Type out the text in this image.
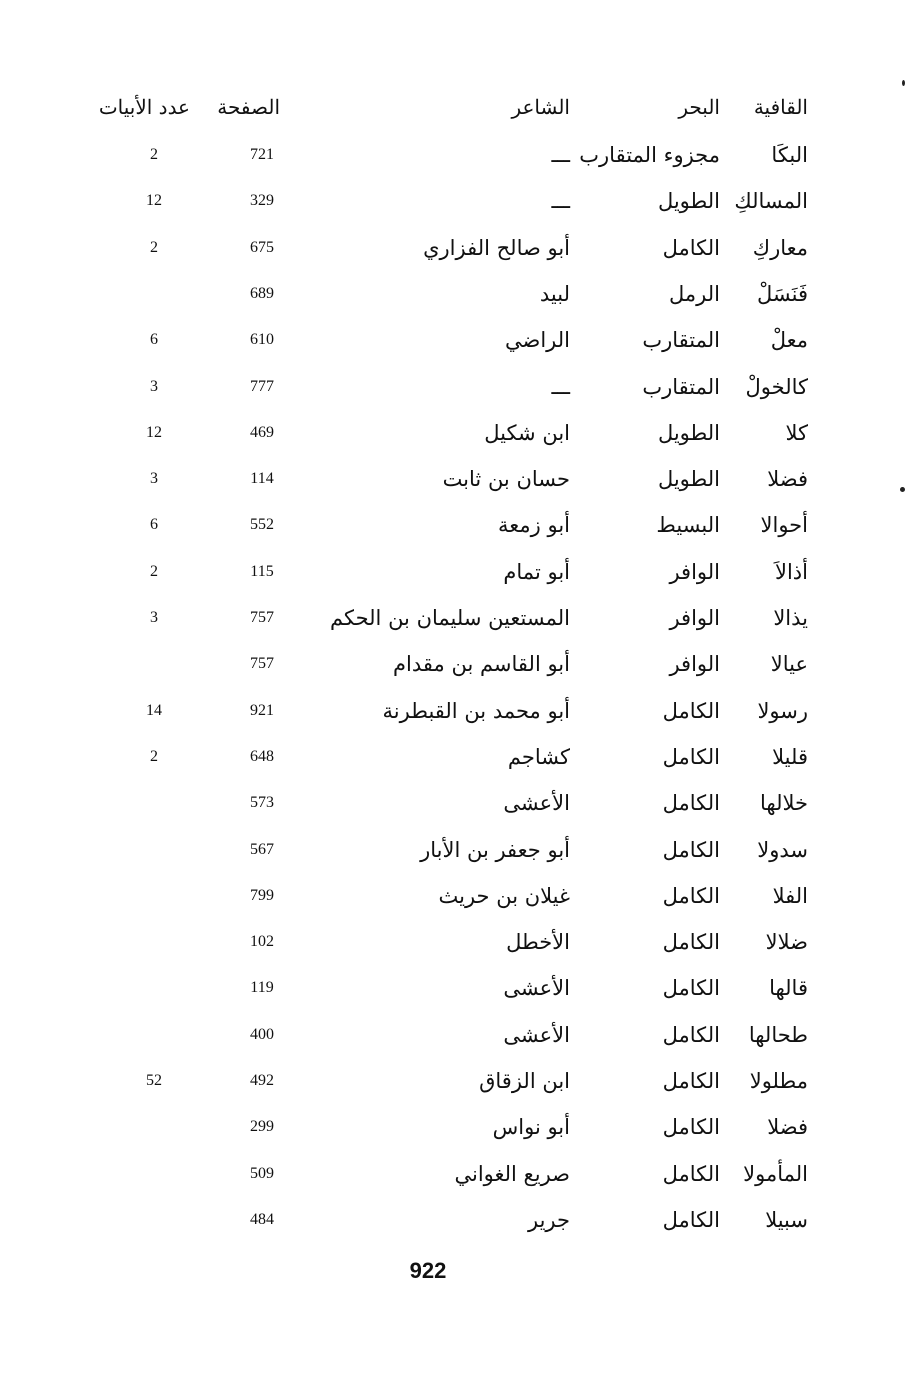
القافية
البحر
الشاعر
الصفحة
عدد الأبيات
البكَا
مجزوء المتقارب
ـــ
721
2
المسالكِ
الطويل
ـــ
329
12
معاركِ
الكامل
أبو صالح الفزاري
675
2
فَنَسَلْ
الرمل
لبيد
689
معلْ
المتقارب
الراضي
610
6
كالخولْ
المتقارب
ـــ
777
3
كلا
الطويل
ابن شكيل
469
12
فضلا
الطويل
حسان بن ثابت
114
3
أحوالا
البسيط
أبو زمعة
552
6
أذالاَ
الوافر
أبو تمام
115
2
يذالا
الوافر
المستعين سليمان بن الحكم
757
3
عيالا
الوافر
أبو القاسم بن مقدام
757
رسولا
الكامل
أبو محمد بن القبطرنة
921
14
قليلا
الكامل
كشاجم
648
2
خلالها
الكامل
الأعشى
573
سدولا
الكامل
أبو جعفر بن الأبار
567
الفلا
الكامل
غيلان بن حريث
799
ضلالا
الكامل
الأخطل
102
قالها
الكامل
الأعشى
119
طحالها
الكامل
الأعشى
400
مطلولا
الكامل
ابن الزقاق
492
52
فضلا
الكامل
أبو نواس
299
المأمولا
الكامل
صريع الغواني
509
سبيلا
الكامل
جرير
484
922
